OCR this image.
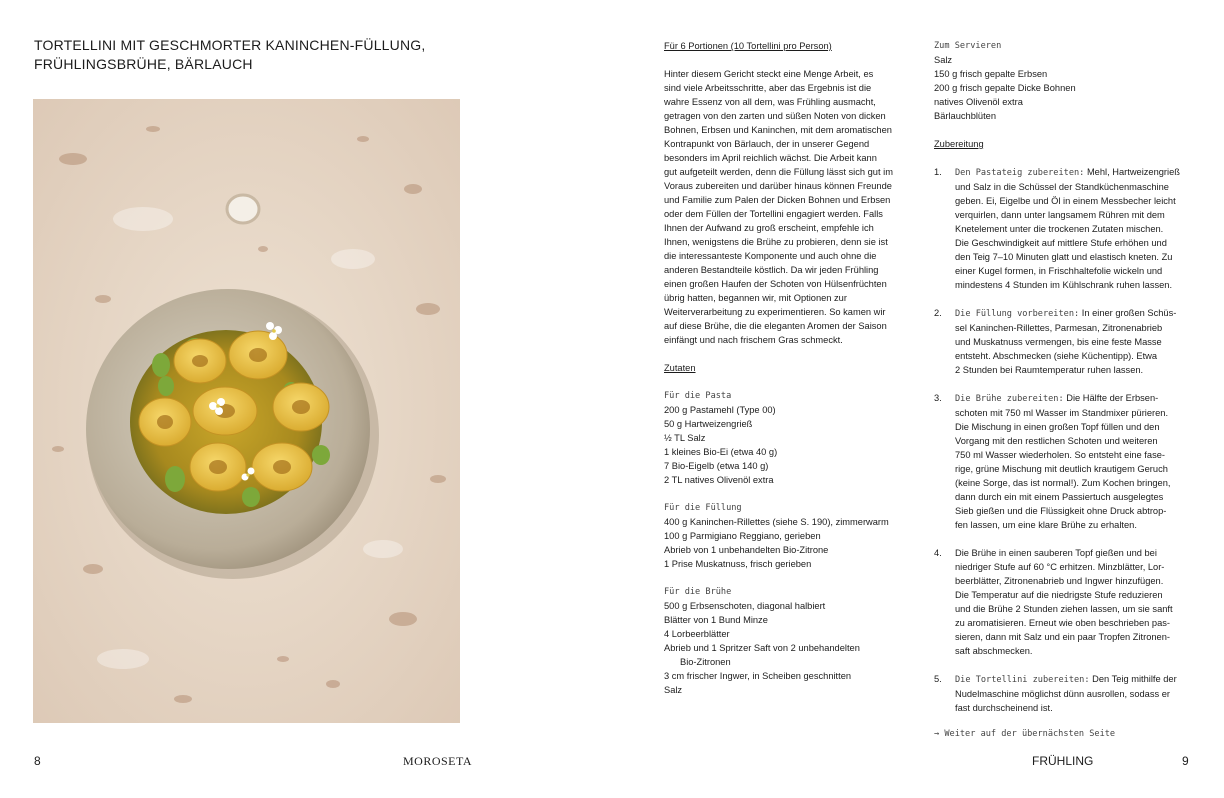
TORTELLINI MIT GESCHMORTER KANINCHEN-FÜLLUNG,
FRÜHLINGSBRÜHE, BÄRLAUCH
8	MOROSETA

Für 6 Portionen (10 Tortellini pro Person)

Hinter diesem Gericht steckt eine Menge Arbeit, es

sind viele Arbeitsschritte, aber das Ergebnis ist die

wahre Essenz von all dem, was Frühling ausmacht,

getragen von den zarten und süßen Noten von dicken

Bohnen, Erbsen und Kaninchen, mit dem aromatischen

Kontrapunkt von Bärlauch, der in unserer Gegend

besonders im April reichlich wächst. Die Arbeit kann

gut aufgeteilt werden, denn die Füllung lässt sich gut im

Voraus zubereiten und darüber hinaus können Freunde

und Familie zum Palen der Dicken Bohnen und Erbsen

oder dem Füllen der Tortellini engagiert werden. Falls

Ihnen der Aufwand zu groß erscheint, empfehle ich

Ihnen, wenigstens die Brühe zu probieren, denn sie ist

die interessanteste Komponente und auch ohne die

anderen Bestandteile köstlich. Da wir jeden Frühling

einen großen Haufen der Schoten von Hülsenfrüchten

übrig hatten, begannen wir, mit Optionen zur

Weiterverarbeitung zu experimentieren. So kamen wir

auf diese Brühe, die die eleganten Aromen der Saison

einfängt und nach frischem Gras schmeckt.

Zutaten

Für die Pasta

200 g Pastamehl (Type 00)

50 g Hartweizengrieß

½ TL Salz

1 kleines Bio-Ei (etwa 40 g)

7 Bio-Eigelb (etwa 140 g)

2 TL natives Olivenöl extra

Für die Füllung

400 g Kaninchen-Rillettes (siehe S. 190), zimmerwarm

100 g Parmigiano Reggiano, gerieben

Abrieb von 1 unbehandelten Bio-Zitrone

1 Prise Muskatnuss, frisch gerieben

Für die Brühe

500 g Erbsenschoten, diagonal halbiert

Blätter von 1 Bund Minze

4 Lorbeerblätter

Abrieb und 1 Spritzer Saft von 2 unbehandelten

Bio-Zitronen

3 cm frischer Ingwer, in Scheiben geschnitten

Salz

Zum Servieren

Salz

150 g frisch gepalte Erbsen

200 g frisch gepalte Dicke Bohnen

natives Olivenöl extra

Bärlauchblüten

Zubereitung

1. Den Pastateig zubereiten: Mehl, Hartweizengrieß
und Salz in die Schüssel der Standküchenmaschine
geben. Ei, Eigelbe und Öl in einem Messbecher leicht
verquirlen, dann unter langsamem Rühren mit dem
Knetelement unter die trockenen Zutaten mischen.
Die Geschwindigkeit auf mittlere Stufe erhöhen und
den Teig 7–10 Minuten glatt und elastisch kneten. Zu
einer Kugel formen, in Frischhaltefolie wickeln und
mindestens 4 Stunden im Kühlschrank ruhen lassen.
2. Die Füllung vorbereiten: In einer großen Schüs-
sel Kaninchen-Rillettes, Parmesan, Zitronenabrieb
und Muskatnuss vermengen, bis eine feste Masse
entsteht. Abschmecken (siehe Küchentipp). Etwa
2 Stunden bei Raumtemperatur ruhen lassen.
3. Die Brühe zubereiten: Die Hälfte der Erbsen-
schoten mit 750 ml Wasser im Standmixer pürieren.
Die Mischung in einen großen Topf füllen und den
Vorgang mit den restlichen Schoten und weiteren
750 ml Wasser wiederholen. So entsteht eine fase-
rige, grüne Mischung mit deutlich krautigem Geruch
(keine Sorge, das ist normal!). Zum Kochen bringen,
dann durch ein mit einem Passiertuch ausgelegtes
Sieb gießen und die Flüssigkeit ohne Druck abtrop-
fen lassen, um eine klare Brühe zu erhalten.
4. Die Brühe in einen sauberen Topf gießen und bei
niedriger Stufe auf 60 °C erhitzen. Minzblätter, Lor-
beerblätter, Zitronenabrieb und Ingwer hinzufügen.
Die Temperatur auf die niedrigste Stufe reduzieren
und die Brühe 2 Stunden ziehen lassen, um sie sanft
zu aromatisieren. Erneut wie oben beschrieben pas-
sieren, dann mit Salz und ein paar Tropfen Zitronen-
saft abschmecken.
5. Die Tortellini zubereiten: Den Teig mithilfe der
Nudelmaschine möglichst dünn ausrollen, sodass er
fast durchscheinend ist.

→ Weiter auf der übernächsten Seite

FRÜHLING	9
